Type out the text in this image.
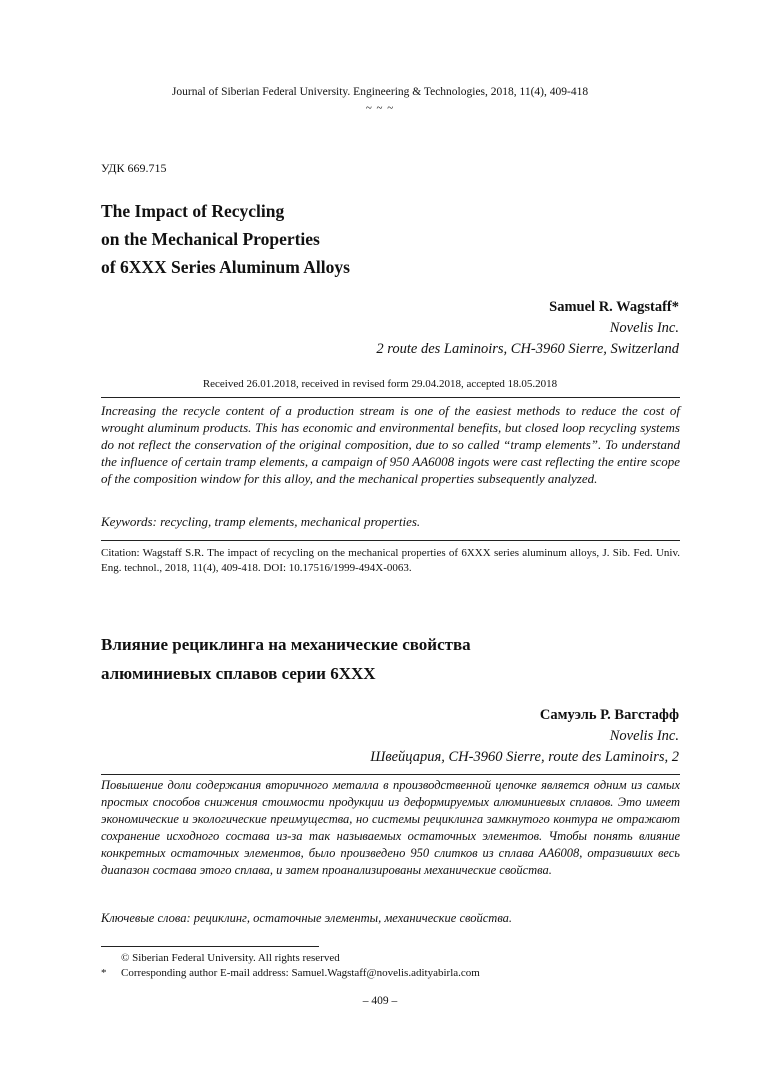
Journal of Siberian Federal University. Engineering & Technologies, 2018, 11(4), 409-418
~ ~ ~
УДК 669.715
The Impact of Recycling
on the Mechanical Properties
of 6XXX Series Aluminum Alloys
Samuel R. Wagstaff*
Novelis Inc.
2 route des Laminoirs, CH-3960 Sierre, Switzerland
Received 26.01.2018, received in revised form 29.04.2018, accepted 18.05.2018
Increasing the recycle content of a production stream is one of the easiest methods to reduce the cost of wrought aluminum products. This has economic and environmental benefits, but closed loop recycling systems do not reflect the conservation of the original composition, due to so called “tramp elements”. To understand the influence of certain tramp elements, a campaign of 950 AA6008 ingots were cast reflecting the entire scope of the composition window for this alloy, and the mechanical properties subsequently analyzed.
Keywords: recycling, tramp elements, mechanical properties.
Citation: Wagstaff S.R. The impact of recycling on the mechanical properties of 6XXX series aluminum alloys, J. Sib. Fed. Univ. Eng. technol., 2018, 11(4), 409-418. DOI: 10.17516/1999-494X-0063.
Влияние рециклинга на механические свойства
алюминиевых сплавов серии 6ХХХ
Самуэль Р. Вагстафф
Novelis Inc.
Швейцария, CH-3960 Sierre, route des Laminoirs, 2
Повышение доли содержания вторичного металла в производственной цепочке является одним из самых простых способов снижения стоимости продукции из деформируемых алюминиевых сплавов. Это имеет экономические и экологические преимущества, но системы рециклинга замкнутого контура не отражают сохранение исходного состава из-за так называемых остаточных элементов. Чтобы понять влияние конкретных остаточных элементов, было произведено 950 слитков из сплава АА6008, отразивших весь диапазон состава этого сплава, и затем проанализированы механические свойства.
Ключевые слова: рециклинг, остаточные элементы, механические свойства.
© Siberian Federal University. All rights reserved
* Corresponding author E-mail address: Samuel.Wagstaff@novelis.adityabirla.com
– 409 –
